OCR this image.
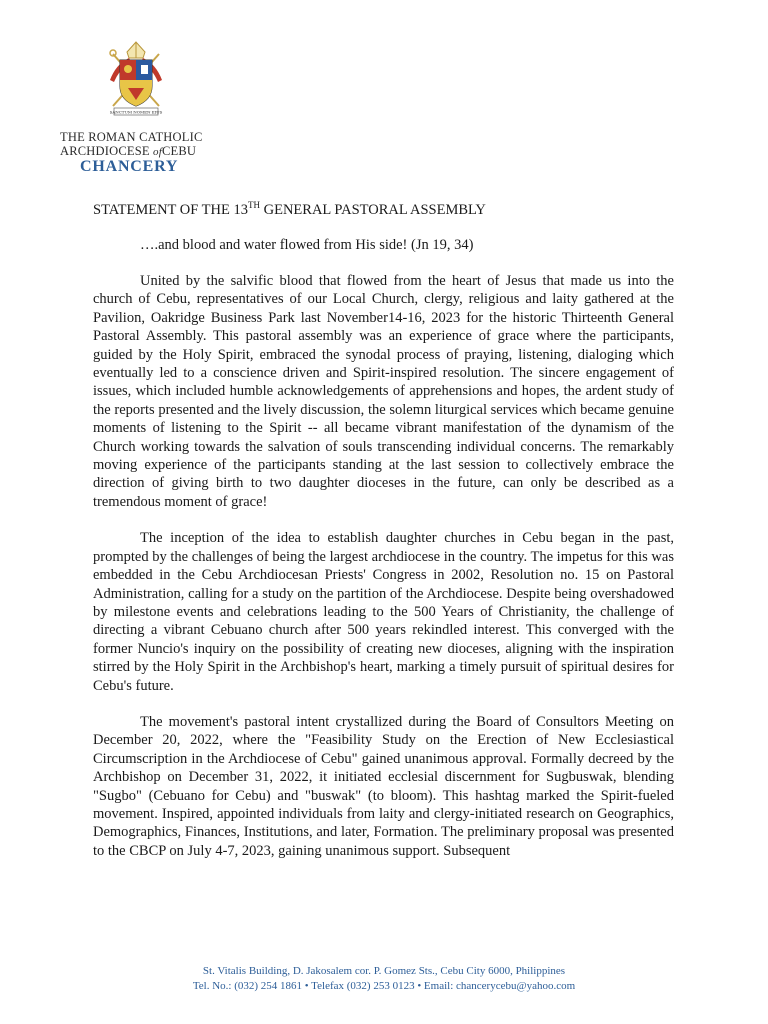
SANCTUM NOMEN EIUS
THE ROMAN CATHOLIC
ARCHDIOCESE ofCEBU
CHANCERY
STATEMENT OF THE 13TH GENERAL PASTORAL ASSEMBLY
….and blood and water flowed from His side! (Jn 19, 34)

United by the salvific blood that flowed from the heart of Jesus that made us into the church of Cebu, representatives of our Local Church, clergy, religious and laity gathered at the Pavilion, Oakridge Business Park last November14-16, 2023 for the historic Thirteenth General Pastoral Assembly. This pastoral assembly was an experience of grace where the participants, guided by the Holy Spirit, embraced the synodal process of praying, listening, dialoging which eventually led to a conscience driven and Spirit-inspired resolution. The sincere engagement of issues, which included humble acknowledgements of apprehensions and hopes, the ardent study of the reports presented and the lively discussion, the solemn liturgical services which became genuine moments of listening to the Spirit -- all became vibrant manifestation of the dynamism of the Church working towards the salvation of souls transcending individual concerns. The remarkably moving experience of the participants standing at the last session to collectively embrace the direction of giving birth to two daughter dioceses in the future, can only be described as a tremendous moment of grace!

The inception of the idea to establish daughter churches in Cebu began in the past, prompted by the challenges of being the largest archdiocese in the country. The impetus for this was embedded in the Cebu Archdiocesan Priests' Congress in 2002, Resolution no. 15 on Pastoral Administration, calling for a study on the partition of the Archdiocese. Despite being overshadowed by milestone events and celebrations leading to the 500 Years of Christianity, the challenge of directing a vibrant Cebuano church after 500 years rekindled interest. This converged with the former Nuncio's inquiry on the possibility of creating new dioceses, aligning with the inspiration stirred by the Holy Spirit in the Archbishop's heart, marking a timely pursuit of spiritual desires for Cebu's future.

The movement's pastoral intent crystallized during the Board of Consultors Meeting on December 20, 2022, where the "Feasibility Study on the Erection of New Ecclesiastical Circumscription in the Archdiocese of Cebu" gained unanimous approval. Formally decreed by the Archbishop on December 31, 2022, it initiated ecclesial discernment for Sugbuswak, blending "Sugbo" (Cebuano for Cebu) and "buswak" (to bloom). This hashtag marked the Spirit-fueled movement. Inspired, appointed individuals from laity and clergy-initiated research on Geographics, Demographics, Finances, Institutions, and later, Formation. The preliminary proposal was presented to the CBCP on July 4-7, 2023, gaining unanimous support. Subsequent

St. Vitalis Building, D. Jakosalem cor. P. Gomez Sts., Cebu City 6000, Philippines
Tel. No.: (032) 254 1861 • Telefax (032) 253 0123 • Email: chancerycebu@yahoo.com
